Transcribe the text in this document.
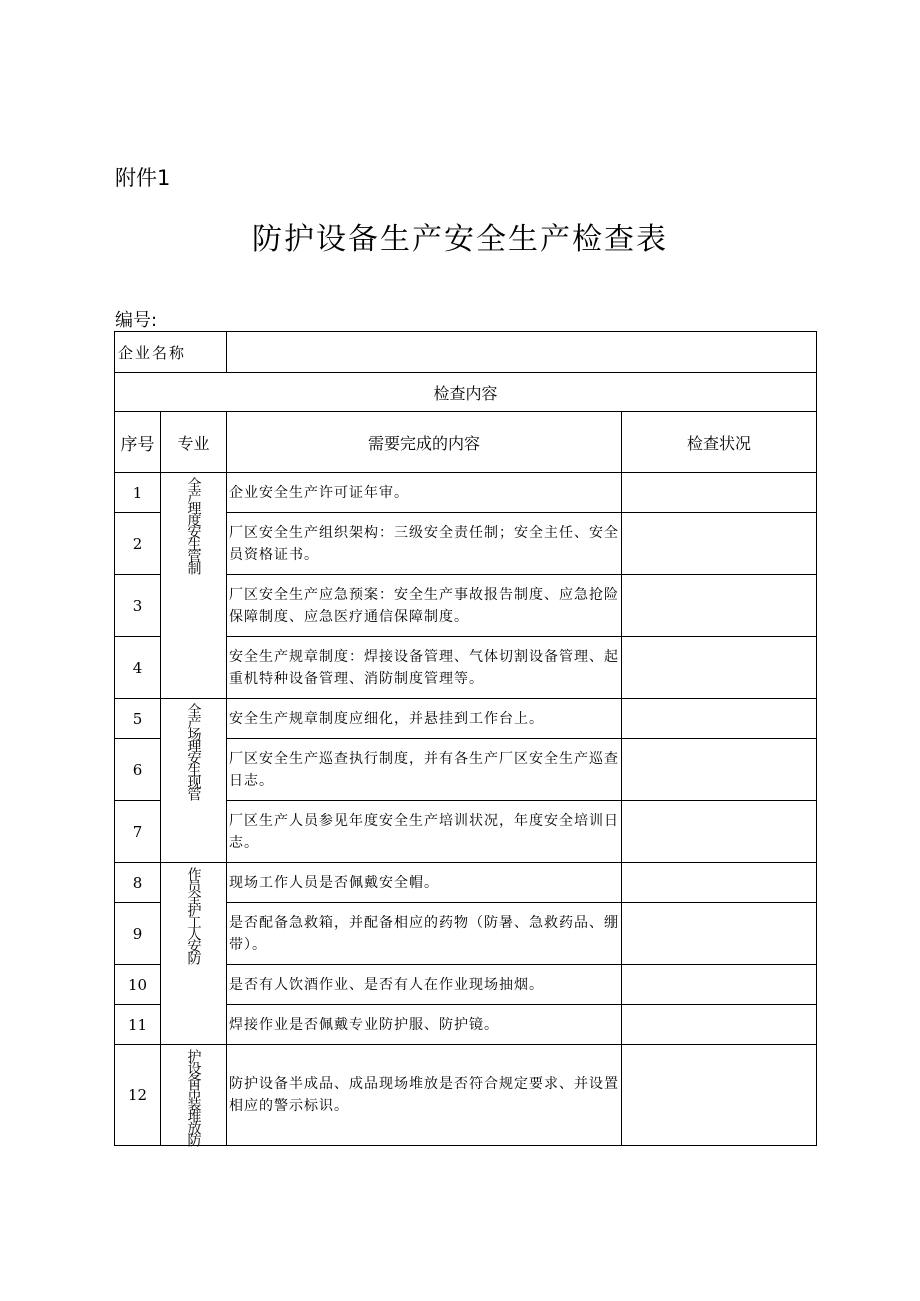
附件1
防护设备生产安全生产检查表
编号:
企业名称			
检查内容			
序号	专业	需要完成的内容	检查状况
1	全产理度安生管制	企业安全生产许可证年审。	
2		厂区安全生产组织架构：三级安全责任制；安全主任、安全员资格证书。	
3		厂区安全生产应急预案：安全生产事故报告制度、应急抢险保障制度、应急医疗通信保障制度。	
4		安全生产规章制度：焊接设备管理、气体切割设备管理、起重机特种设备管理、消防制度管理等。	
5	全产场理安生现管	安全生产规章制度应细化，并悬挂到工作台上。	
6		厂区安全生产巡查执行制度，并有各生产厂区安全生产巡查日志。	
7		厂区生产人员参见年度安全生产培训状况，年度安全培训日志。	
8	作员全护工人安防	现场工作人员是否佩戴安全帽。	
9		是否配备急救箱，并配备相应的药物（防暑、急救药品、绷带）。	
10		是否有人饮酒作业、是否有人在作业现场抽烟。	
11		焊接作业是否佩戴专业防护服、防护镜。	
12	护设备吊装堆放防	防护设备半成品、成品现场堆放是否符合规定要求、并设置相应的警示标识。	
